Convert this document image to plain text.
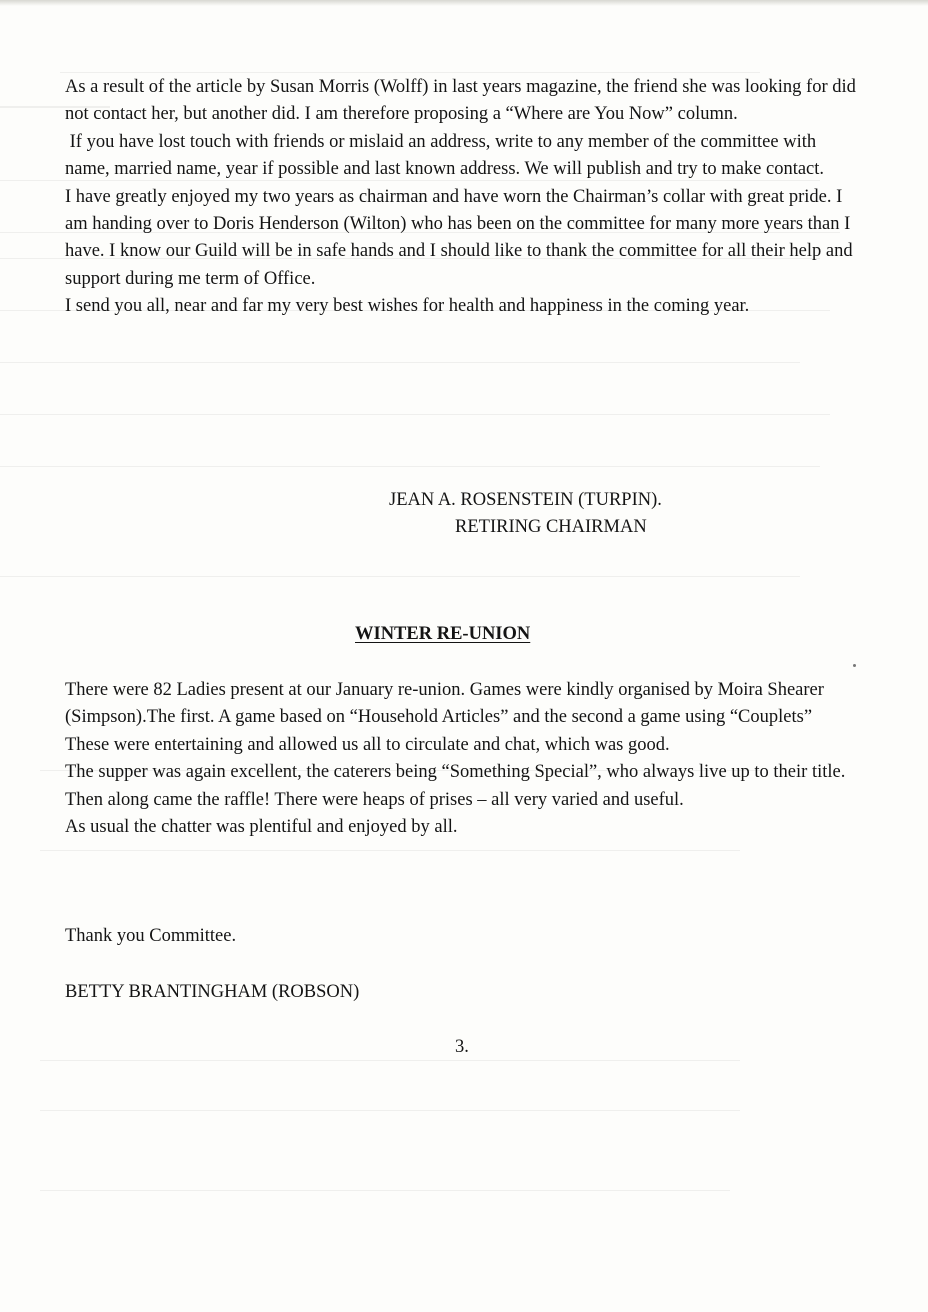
As a result of the article by Susan Morris (Wolff) in last years magazine, the friend she was looking for did not contact her, but another did. I am therefore proposing a “Where are You Now” column.

If you have lost touch with friends or mislaid an address, write to any member of the committee with name, married name, year if possible and last known address. We will publish and try to make contact.

I have greatly enjoyed my two years as chairman and have worn the Chairman’s collar with great pride. I am handing over to Doris Henderson (Wilton) who has been on the committee for many more years than I have. I know our Guild will be in safe hands and I should like to thank the committee for all their help and support during me term of Office.

I send you all, near and far my very best wishes for health and happiness in the coming year.

JEAN A. ROSENSTEIN (TURPIN).
RETIRING CHAIRMAN
WINTER RE-UNION

There were 82 Ladies present at our January re-union. Games were kindly organised by Moira Shearer (Simpson).The first. A game based on “Household Articles” and the second a game using “Couplets”

These were entertaining and allowed us all to circulate and chat, which was good.

The supper was again excellent, the caterers being “Something Special”, who always live up to their title.

Then along came the raffle! There were heaps of prises – all very varied and useful.

As usual the chatter was plentiful and enjoyed by all.

Thank you Committee.
BETTY BRANTINGHAM (ROBSON)
3.
